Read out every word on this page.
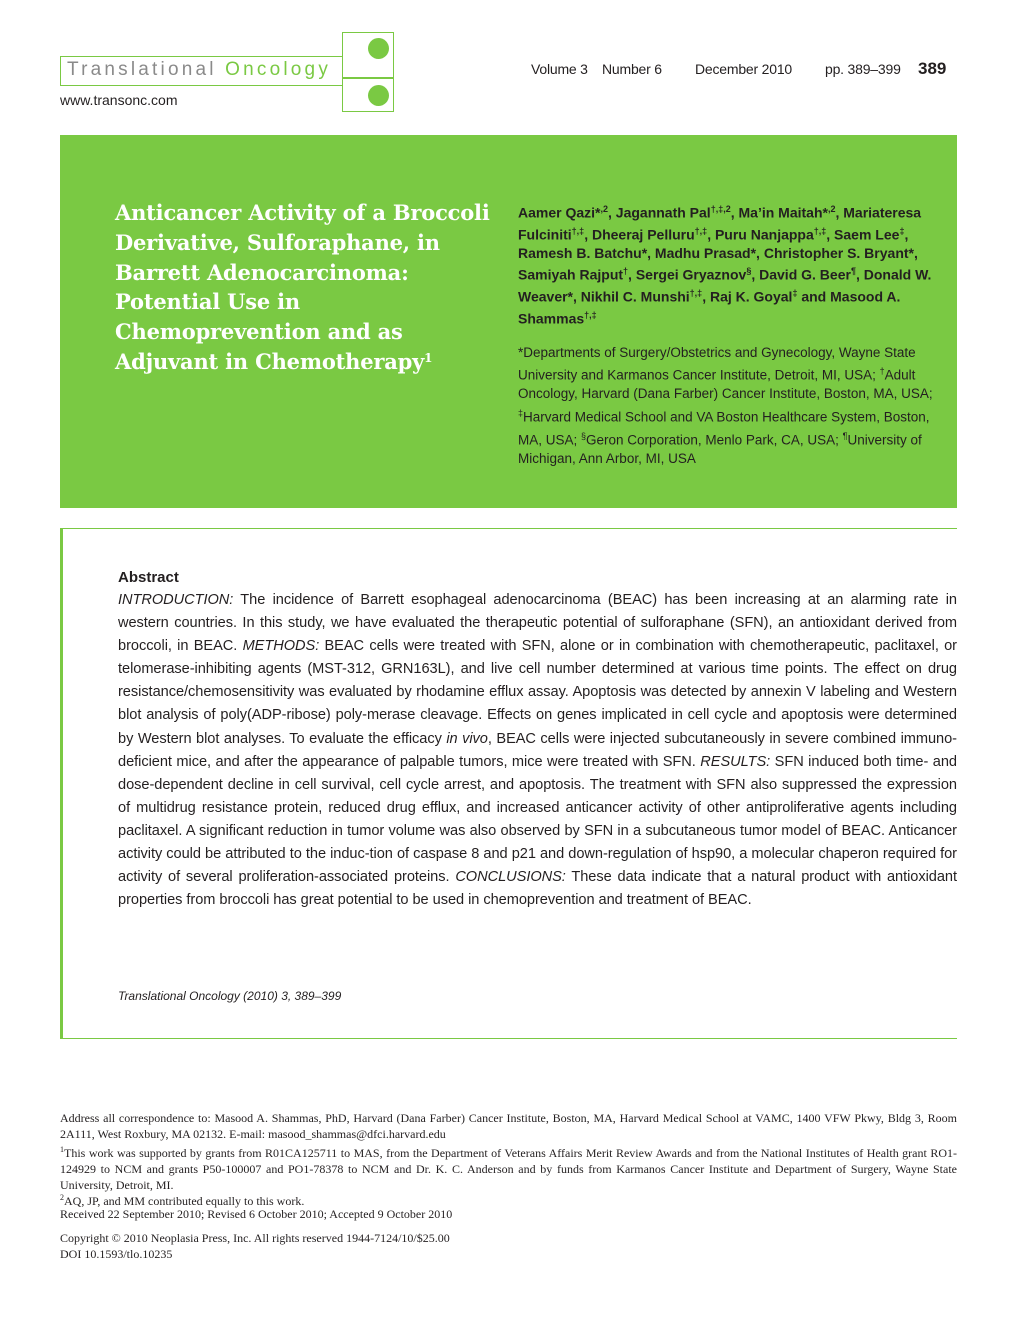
Translational Oncology
www.transonc.com
Volume 3 Number 6 December 2010 pp. 389–399 389
Anticancer Activity of a Broccoli Derivative, Sulforaphane, in Barrett Adenocarcinoma: Potential Use in Chemoprevention and as Adjuvant in Chemotherapy$^1$
Aamer Qazi*$^{,2}$, Jagannath Pal$^{\dagger,\ddagger,2}$, Ma’in Maitah*$^{,2}$, Mariateresa Fulciniti†,‡, Dheeraj Pelluru†,‡, Puru Nanjappa†,‡, Saem Lee‡, Ramesh B. Batchu*, Madhu Prasad*, Christopher S. Bryant*, Samiyah Rajput†, Sergei Gryaznov§, David G. Beer¶, Donald W. Weaver*, Nikhil C. Munshi†,‡, Raj K. Goyal‡ and Masood A. Shammas†,‡
*Departments of Surgery/Obstetrics and Gynecology, Wayne State University and Karmanos Cancer Institute, Detroit, MI, USA; †Adult Oncology, Harvard (Dana Farber) Cancer Institute, Boston, MA, USA; ‡Harvard Medical School and VA Boston Healthcare System, Boston, MA, USA; §Geron Corporation, Menlo Park, CA, USA; ¶University of Michigan, Ann Arbor, MI, USA
Abstract
INTRODUCTION: The incidence of Barrett esophageal adenocarcinoma (BEAC) has been increasing at an alarming rate in western countries. In this study, we have evaluated the therapeutic potential of sulforaphane (SFN), an antioxidant derived from broccoli, in BEAC. METHODS: BEAC cells were treated with SFN, alone or in combination with chemotherapeutic, paclitaxel, or telomerase-inhibiting agents (MST-312, GRN163L), and live cell number determined at various time points. The effect on drug resistance/chemosensitivity was evaluated by rhodamine efflux assay. Apoptosis was detected by annexin V labeling and Western blot analysis of poly(ADP-ribose) poly-merase cleavage. Effects on genes implicated in cell cycle and apoptosis were determined by Western blot analyses. To evaluate the efficacy in vivo, BEAC cells were injected subcutaneously in severe combined immuno-deficient mice, and after the appearance of palpable tumors, mice were treated with SFN. RESULTS: SFN induced both time- and dose-dependent decline in cell survival, cell cycle arrest, and apoptosis. The treatment with SFN also suppressed the expression of multidrug resistance protein, reduced drug efflux, and increased anticancer activity of other antiproliferative agents including paclitaxel. A significant reduction in tumor volume was also observed by SFN in a subcutaneous tumor model of BEAC. Anticancer activity could be attributed to the induc-tion of caspase 8 and p21 and down-regulation of hsp90, a molecular chaperon required for activity of several proliferation-associated proteins. CONCLUSIONS: These data indicate that a natural product with antioxidant properties from broccoli has great potential to be used in chemoprevention and treatment of BEAC.
Translational Oncology (2010) 3, 389–399
Address all correspondence to: Masood A. Shammas, PhD, Harvard (Dana Farber) Cancer Institute, Boston, MA, Harvard Medical School at VAMC, 1400 VFW Pkwy, Bldg 3, Room 2A111, West Roxbury, MA 02132. E-mail: masood_shammas@dfci.harvard.edu
$^1$This work was supported by grants from R01CA125711 to MAS, from the Department of Veterans Affairs Merit Review Awards and from the National Institutes of Health grant RO1-124929 to NCM and grants P50-100007 and PO1-78378 to NCM and Dr. K. C. Anderson and by funds from Karmanos Cancer Institute and Department of Surgery, Wayne State University, Detroit, MI.
$^2$AQ, JP, and MM contributed equally to this work.
Received 22 September 2010; Revised 6 October 2010; Accepted 9 October 2010
Copyright © 2010 Neoplasia Press, Inc. All rights reserved 1944-7124/10/$25.00
DOI 10.1593/tlo.10235
